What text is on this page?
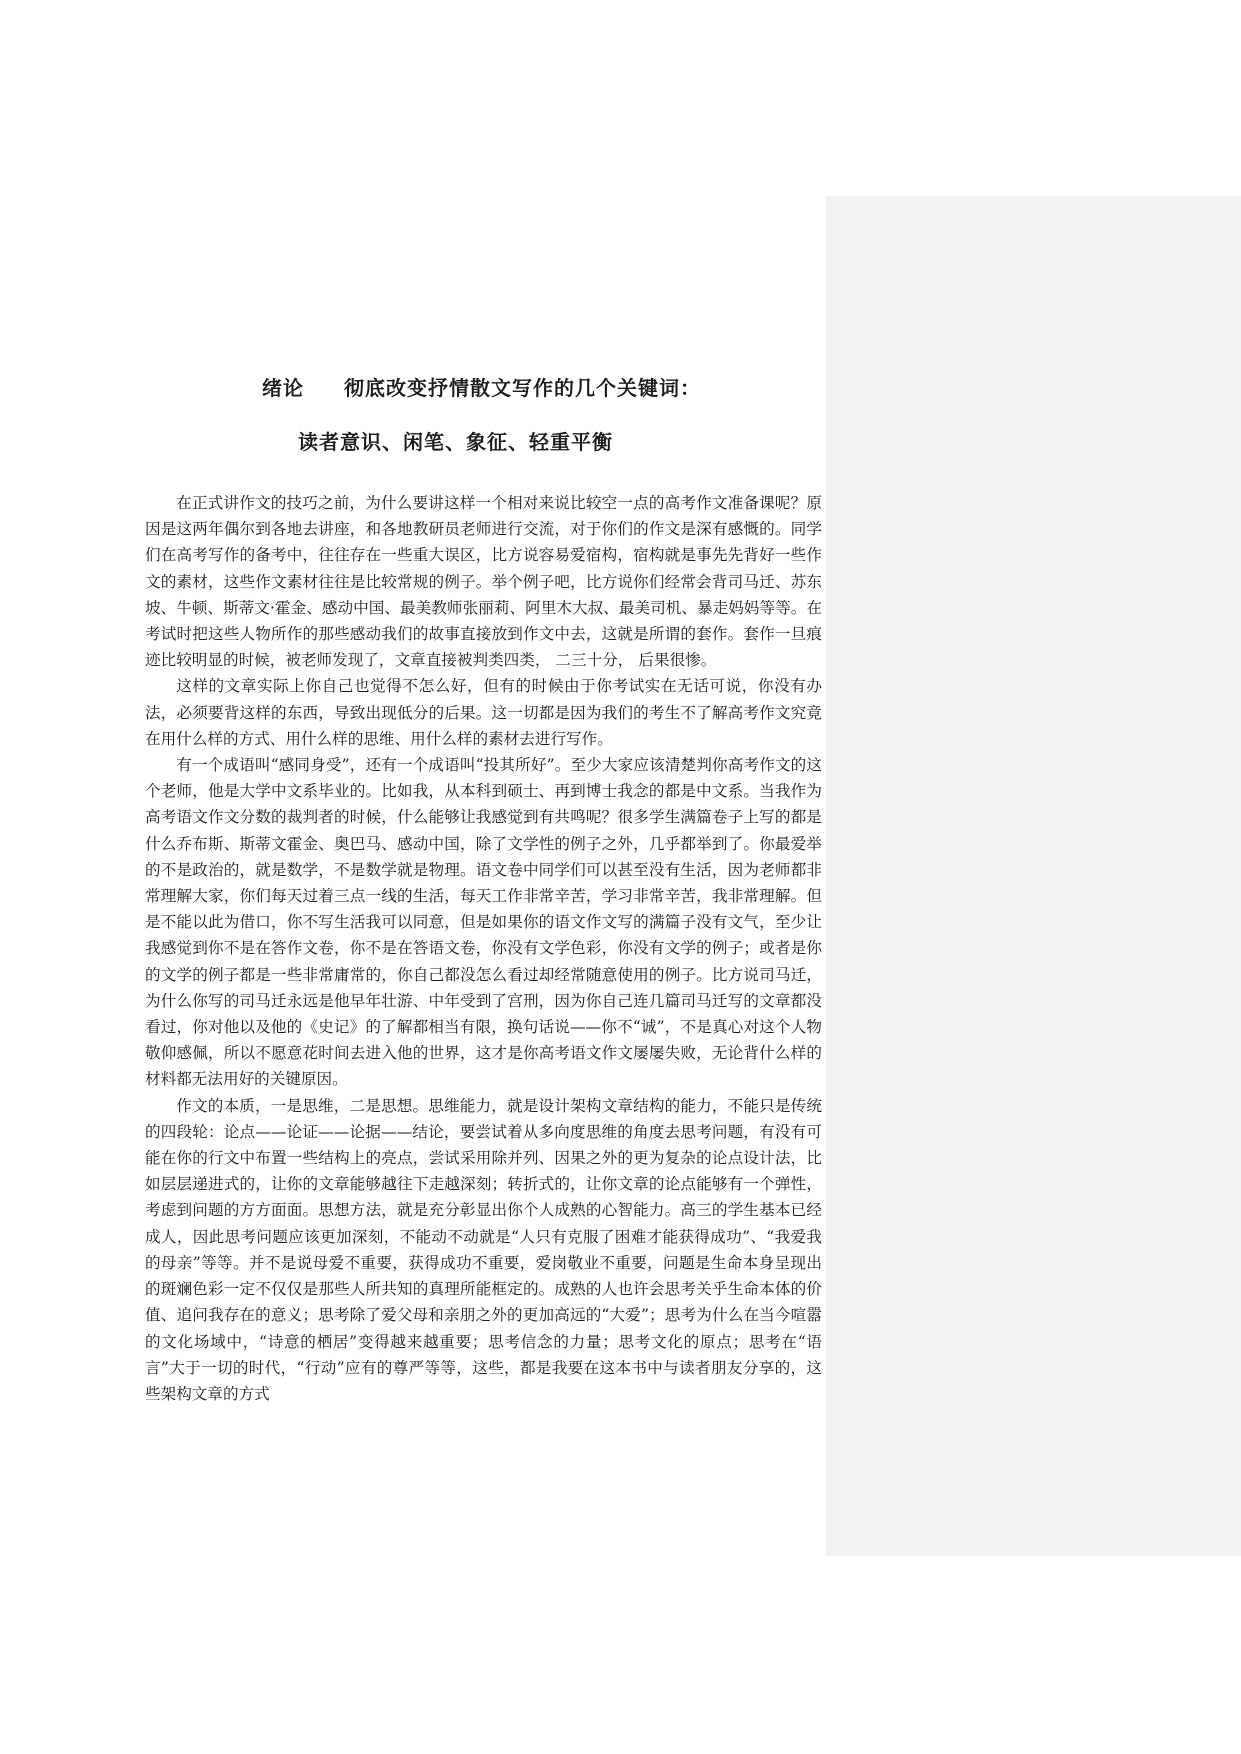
绪论 彻底改变抒情散文写作的几个关键词：
读者意识、闲笔、象征、轻重平衡

在正式讲作文的技巧之前，为什么要讲这样一个相对来说比较空一点的高考作文准备课呢？原因是这两年偶尔到各地去讲座，和各地教研员老师进行交流，对于你们的作文是深有感慨的。同学们在高考写作的备考中，往往存在一些重大误区，比方说容易爱宿构，宿构就是事先先背好一些作文的素材，这些作文素材往往是比较常规的例子。举个例子吧，比方说你们经常会背司马迁、苏东坡、牛顿、斯蒂文·霍金、感动中国、最美教师张丽莉、阿里木大叔、最美司机、暴走妈妈等等。在考试时把这些人物所作的那些感动我们的故事直接放到作文中去，这就是所谓的套作。套作一旦痕迹比较明显的时候，被老师发现了，文章直接被判类四类， 二三十分， 后果很惨。

这样的文章实际上你自己也觉得不怎么好，但有的时候由于你考试实在无话可说，你没有办法，必须要背这样的东西，导致出现低分的后果。这一切都是因为我们的考生不了解高考作文究竟在用什么样的方式、用什么样的思维、用什么样的素材去进行写作。

有一个成语叫“感同身受”，还有一个成语叫“投其所好”。至少大家应该清楚判你高考作文的这个老师，他是大学中文系毕业的。比如我，从本科到硕士、再到博士我念的都是中文系。当我作为高考语文作文分数的裁判者的时候，什么能够让我感觉到有共鸣呢？很多学生满篇卷子上写的都是什么乔布斯、斯蒂文霍金、奥巴马、感动中国，除了文学性的例子之外，几乎都举到了。你最爱举的不是政治的，就是数学，不是数学就是物理。语文卷中同学们可以甚至没有生活，因为老师都非常理解大家，你们每天过着三点一线的生活，每天工作非常辛苦，学习非常辛苦，我非常理解。但是不能以此为借口，你不写生活我可以同意，但是如果你的语文作文写的满篇子没有文气，至少让我感觉到你不是在答作文卷，你不是在答语文卷，你没有文学色彩，你没有文学的例子；或者是你的文学的例子都是一些非常庸常的，你自己都没怎么看过却经常随意使用的例子。比方说司马迁，为什么你写的司马迁永远是他早年壮游、中年受到了宫刑，因为你自己连几篇司马迁写的文章都没看过，你对他以及他的《史记》的了解都相当有限，换句话说——你不“诚”，不是真心对这个人物敬仰感佩，所以不愿意花时间去进入他的世界，这才是你高考语文作文屡屡失败，无论背什么样的材料都无法用好的关键原因。

作文的本质，一是思维，二是思想。思维能力，就是设计架构文章结构的能力，不能只是传统的四段轮：论点——论证——论据——结论，要尝试着从多向度思维的角度去思考问题，有没有可能在你的行文中布置一些结构上的亮点，尝试采用除并列、因果之外的更为复杂的论点设计法，比如层层递进式的，让你的文章能够越往下走越深刻；转折式的，让你文章的论点能够有一个弹性，考虑到问题的方方面面。思想方法，就是充分彰显出你个人成熟的心智能力。高三的学生基本已经成人，因此思考问题应该更加深刻，不能动不动就是“人只有克服了困难才能获得成功”、“我爱我的母亲”等等。并不是说母爱不重要，获得成功不重要，爱岗敬业不重要，问题是生命本身呈现出的斑斓色彩一定不仅仅是那些人所共知的真理所能框定的。成熟的人也许会思考关乎生命本体的价值、追问我存在的意义；思考除了爱父母和亲朋之外的更加高远的“大爱”；思考为什么在当今喧嚣的文化场域中，“诗意的栖居”变得越来越重要；思考信念的力量；思考文化的原点；思考在“语言”大于一切的时代，“行动”应有的尊严等等，这些，都是我要在这本书中与读者朋友分享的，这些架构文章的方式
